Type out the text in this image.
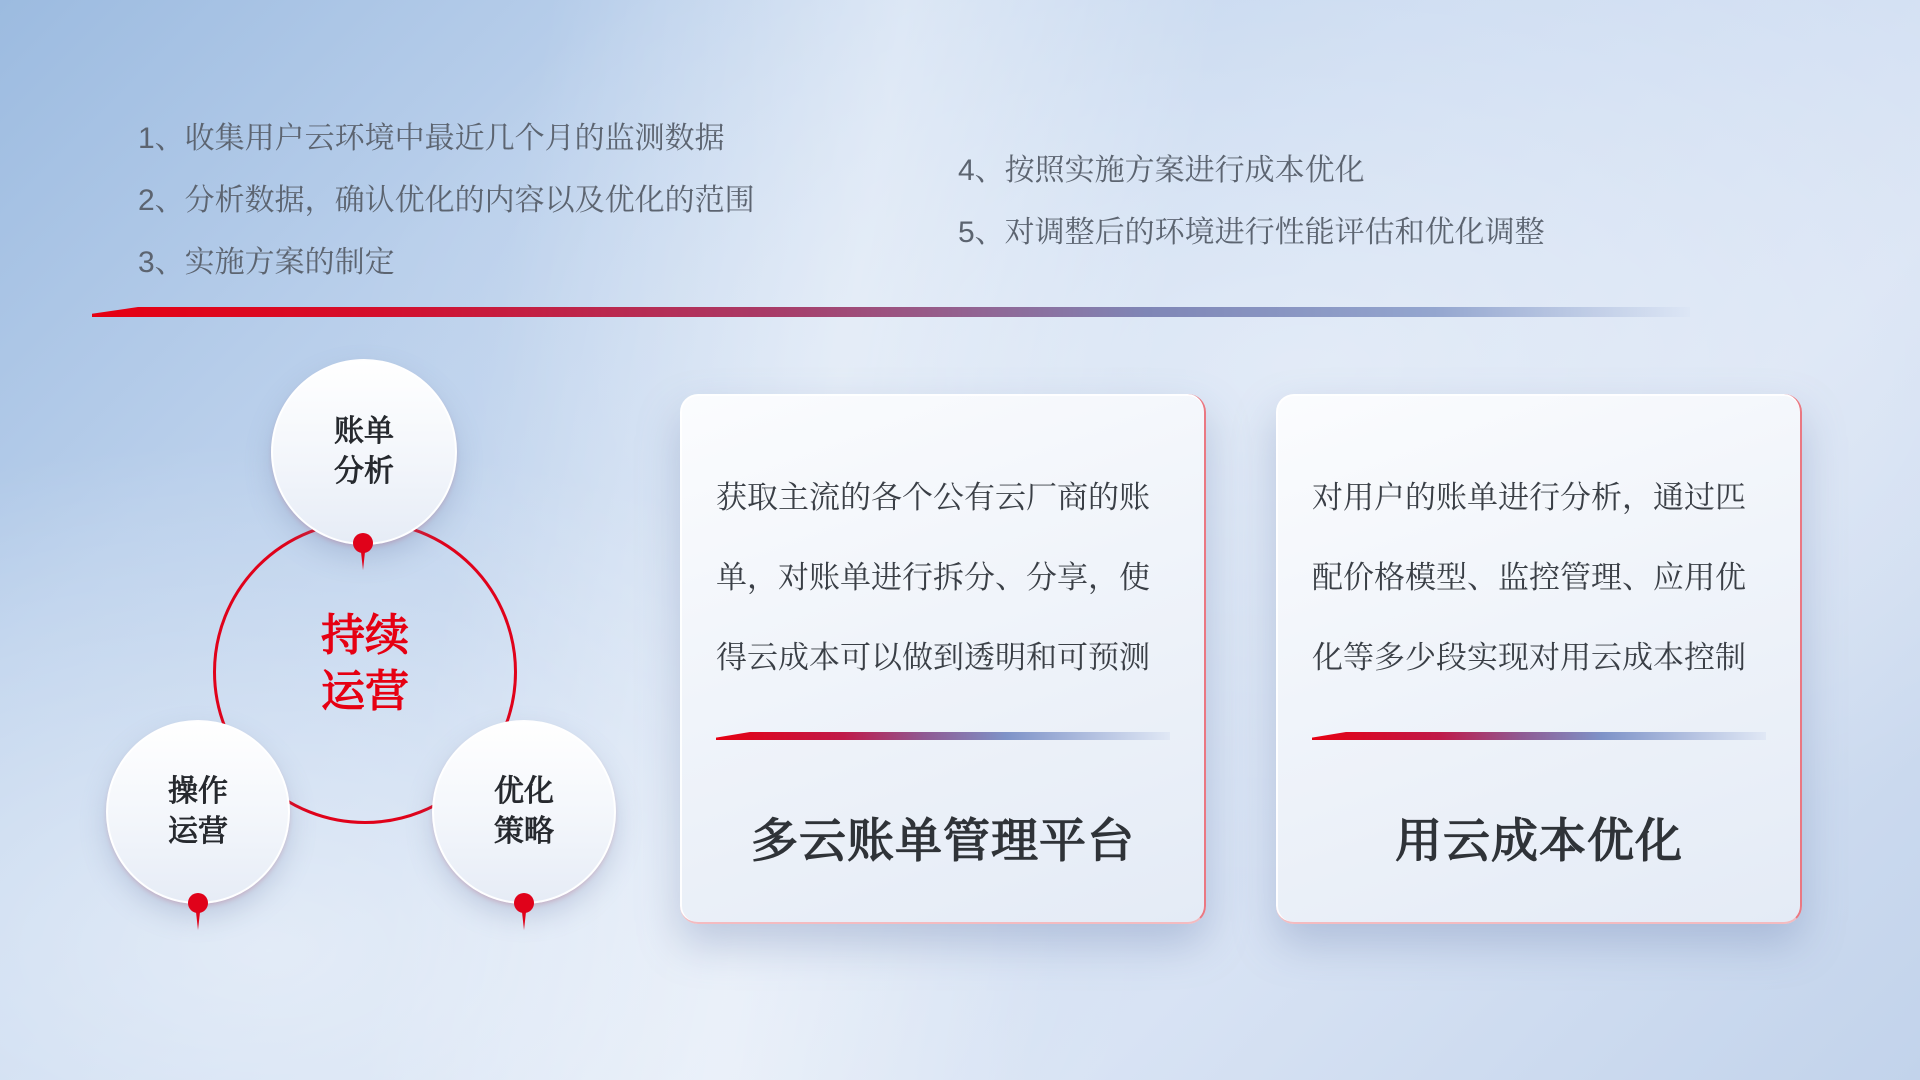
1、收集用户云环境中最近几个月的监测数据
2、分析数据，确认优化的内容以及优化的范围
3、实施方案的制定
4、按照实施方案进行成本优化
5、对调整后的环境进行性能评估和优化调整
持续
运营
账单
分析
操作
运营
优化
策略
获取主流的各个公有云厂商的账
单，对账单进行拆分、分享，使
得云成本可以做到透明和可预测
多云账单管理平台
对用户的账单进行分析，通过匹
配价格模型、监控管理、应用优
化等多少段实现对用云成本控制
用云成本优化
